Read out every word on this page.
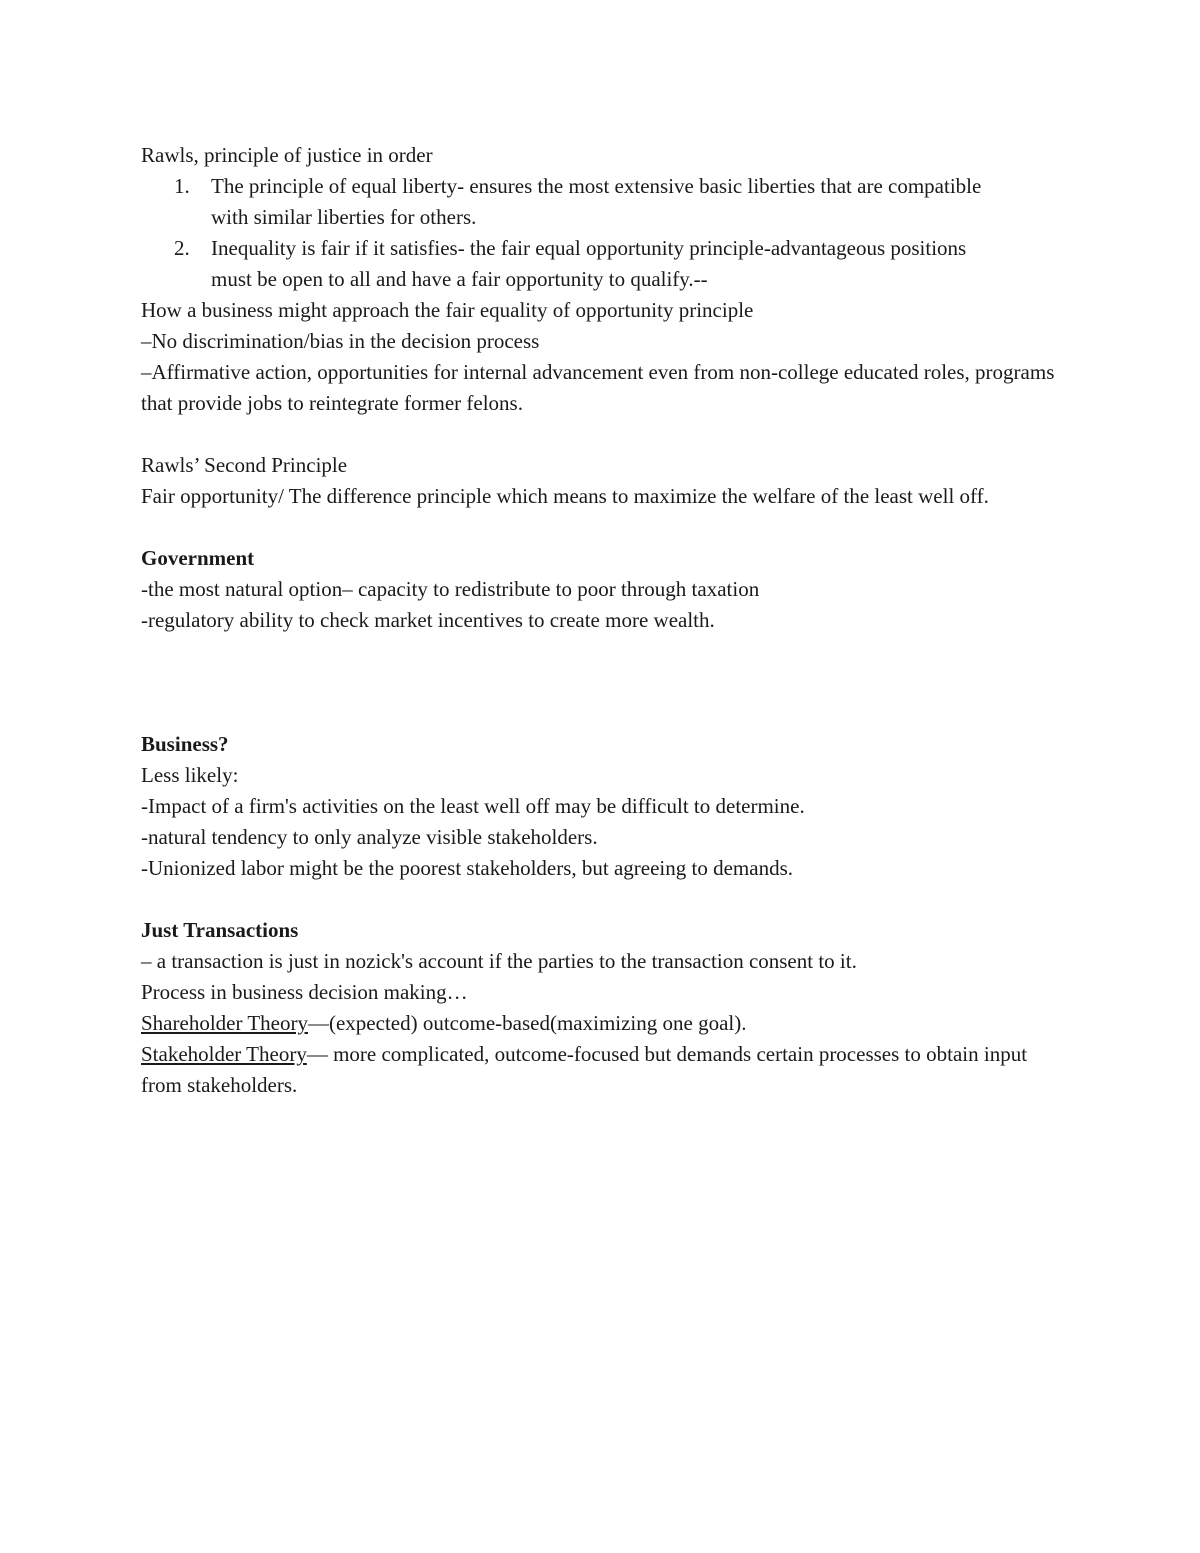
Rawls, principle of justice in order
1. The principle of equal liberty- ensures the most extensive basic liberties that are compatible with similar liberties for others.
2. Inequality is fair if it satisfies- the fair equal opportunity principle-advantageous positions must be open to all and have a fair opportunity to qualify.--
How a business might approach the fair equality of opportunity principle
–No discrimination/bias in the decision process
–Affirmative action, opportunities for internal advancement even from non-college educated roles, programs that provide jobs to reintegrate former felons.
Rawls’ Second Principle
Fair opportunity/ The difference principle which means to maximize the welfare of the least well off.
Government
-the most natural option– capacity to redistribute to poor through taxation
-regulatory ability to check market incentives to create more wealth.
Business?
Less likely:
-Impact of a firm's activities on the least well off may be difficult to determine.
-natural tendency to only analyze visible stakeholders.
-Unionized labor might be the poorest stakeholders, but agreeing to demands.
Just Transactions
– a transaction is just in nozick's account if the parties to the transaction consent to it.
Process in business decision making…
Shareholder Theory—(expected) outcome-based(maximizing one goal).
Stakeholder Theory— more complicated, outcome-focused but demands certain processes to obtain input from stakeholders.
